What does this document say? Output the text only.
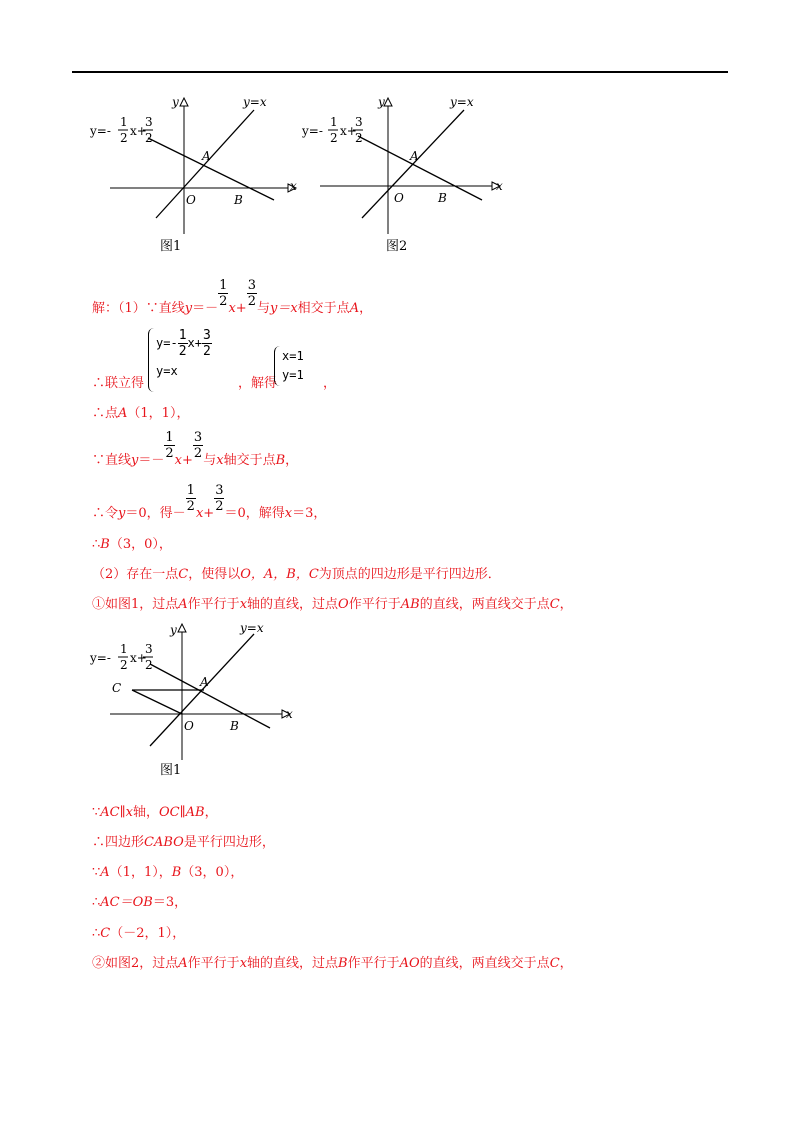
y=-
1
2 x+
3
2
y=x
y
x
A
O	B
图1
y=-
1
2 x+
3
2
y=x
y
x
A
O	B
图2
解：（1）∵直线$y=- \frac{1}{2} x+ \frac{3}{2}$ 与y＝x相交于点A，
∴联立得	，解得	，
$y=- \frac{1}{2} x+ \frac{3}{2}$
y=x
x=1
y=1
∴点A（1，1），
∵直线$y=- \frac{1}{2} x+ \frac{3}{2}$ 与x轴交于点B，
∴令y＝0，得－ $\frac{1}{2} x+ \frac{3}{2} =0$，解得x＝3，
∴B（3，0），
（2）存在一点C，使得以O，A，B，C为顶点的四边形是平行四边形．
①如图1，过点A作平行于x轴的直线，过点O作平行于AB的直线，两直线交于点C，
y=-
1
2 x+
3
2
y=x
y
x
A
C
O	B
图1
∵AC∥x轴，OC∥AB，
∴四边形CABO是平行四边形，
∵A（1，1），B（3，0），
∴AC＝OB＝3，
∴C（－2，1），
②如图2，过点A作平行于x轴的直线，过点B作平行于AO的直线，两直线交于点C，
